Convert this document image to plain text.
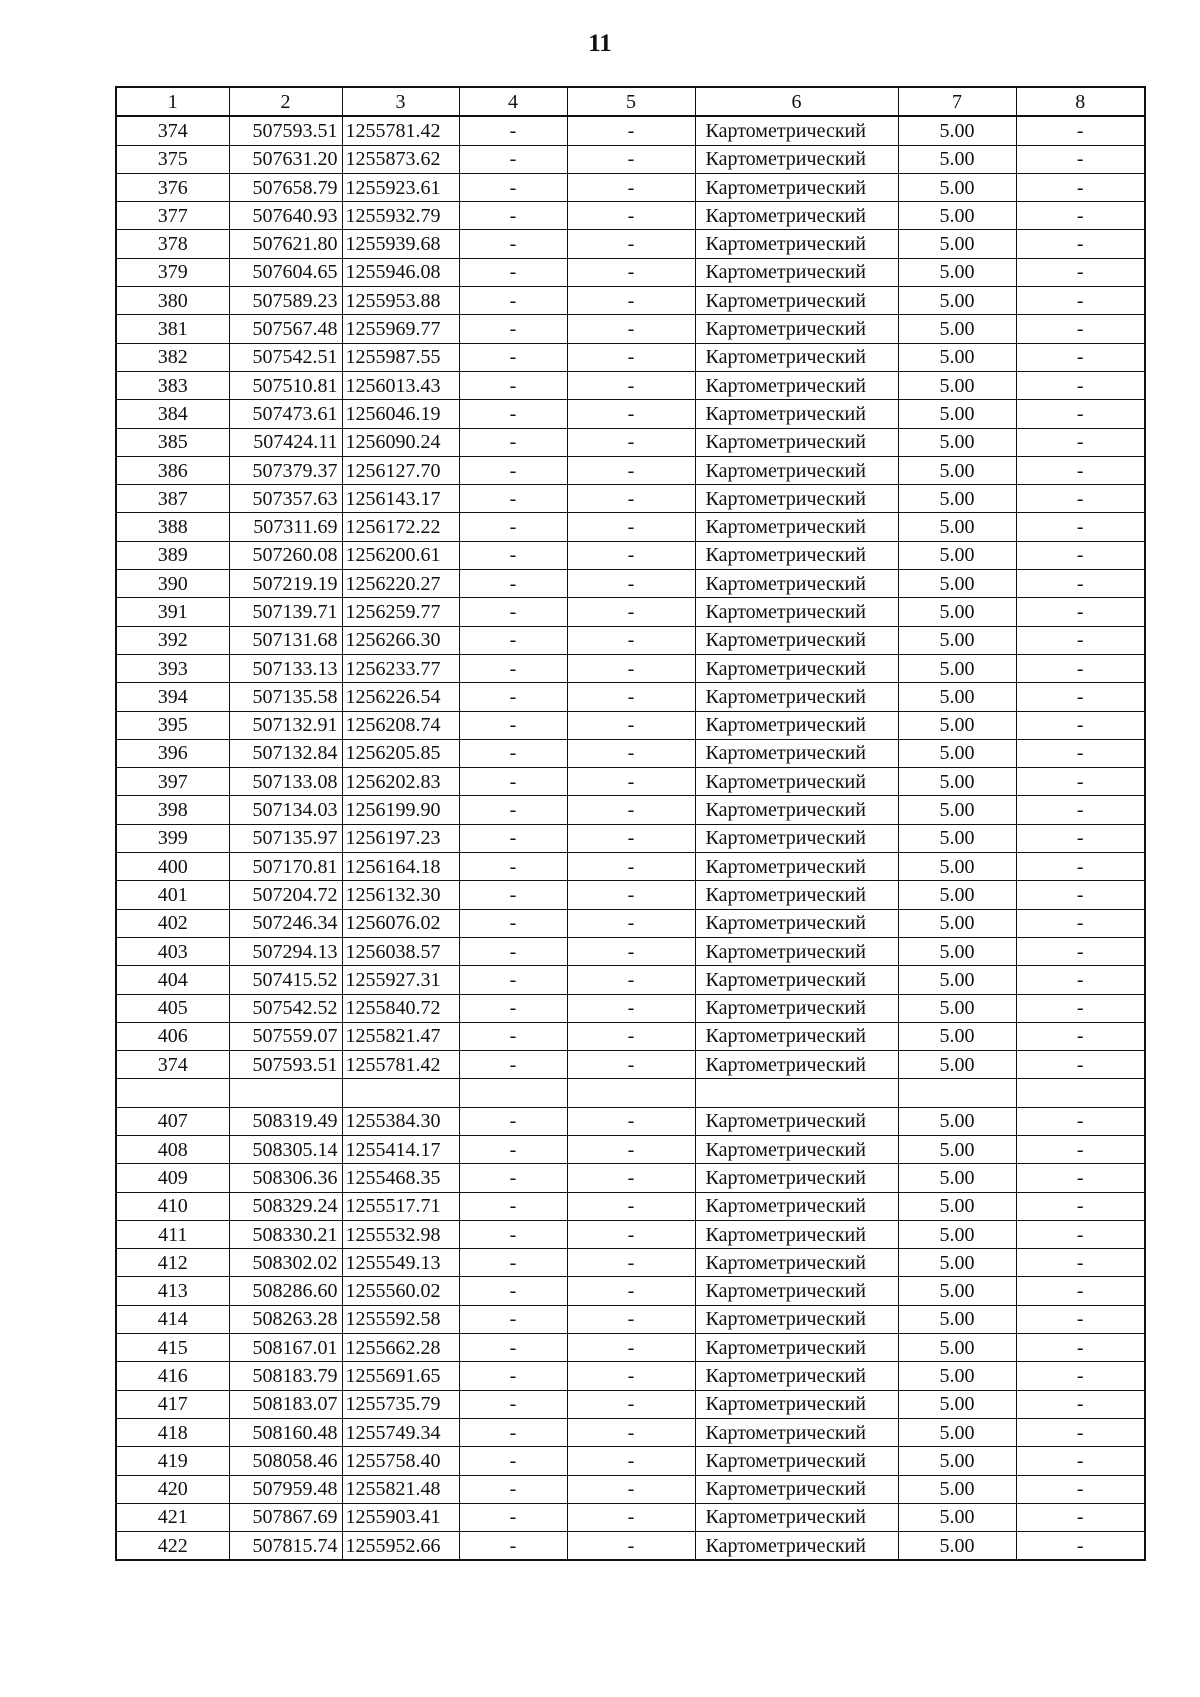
11
1	2	3	4	5	6	7	8
374	507593.51	1255781.42	-	-	Картометрический	5.00	-
375	507631.20	1255873.62	-	-	Картометрический	5.00	-
376	507658.79	1255923.61	-	-	Картометрический	5.00	-
377	507640.93	1255932.79	-	-	Картометрический	5.00	-
378	507621.80	1255939.68	-	-	Картометрический	5.00	-
379	507604.65	1255946.08	-	-	Картометрический	5.00	-
380	507589.23	1255953.88	-	-	Картометрический	5.00	-
381	507567.48	1255969.77	-	-	Картометрический	5.00	-
382	507542.51	1255987.55	-	-	Картометрический	5.00	-
383	507510.81	1256013.43	-	-	Картометрический	5.00	-
384	507473.61	1256046.19	-	-	Картометрический	5.00	-
385	507424.11	1256090.24	-	-	Картометрический	5.00	-
386	507379.37	1256127.70	-	-	Картометрический	5.00	-
387	507357.63	1256143.17	-	-	Картометрический	5.00	-
388	507311.69	1256172.22	-	-	Картометрический	5.00	-
389	507260.08	1256200.61	-	-	Картометрический	5.00	-
390	507219.19	1256220.27	-	-	Картометрический	5.00	-
391	507139.71	1256259.77	-	-	Картометрический	5.00	-
392	507131.68	1256266.30	-	-	Картометрический	5.00	-
393	507133.13	1256233.77	-	-	Картометрический	5.00	-
394	507135.58	1256226.54	-	-	Картометрический	5.00	-
395	507132.91	1256208.74	-	-	Картометрический	5.00	-
396	507132.84	1256205.85	-	-	Картометрический	5.00	-
397	507133.08	1256202.83	-	-	Картометрический	5.00	-
398	507134.03	1256199.90	-	-	Картометрический	5.00	-
399	507135.97	1256197.23	-	-	Картометрический	5.00	-
400	507170.81	1256164.18	-	-	Картометрический	5.00	-
401	507204.72	1256132.30	-	-	Картометрический	5.00	-
402	507246.34	1256076.02	-	-	Картометрический	5.00	-
403	507294.13	1256038.57	-	-	Картометрический	5.00	-
404	507415.52	1255927.31	-	-	Картометрический	5.00	-
405	507542.52	1255840.72	-	-	Картометрический	5.00	-
406	507559.07	1255821.47	-	-	Картометрический	5.00	-
374	507593.51	1255781.42	-	-	Картометрический	5.00	-

407	508319.49	1255384.30	-	-	Картометрический	5.00	-
408	508305.14	1255414.17	-	-	Картометрический	5.00	-
409	508306.36	1255468.35	-	-	Картометрический	5.00	-
410	508329.24	1255517.71	-	-	Картометрический	5.00	-
411	508330.21	1255532.98	-	-	Картометрический	5.00	-
412	508302.02	1255549.13	-	-	Картометрический	5.00	-
413	508286.60	1255560.02	-	-	Картометрический	5.00	-
414	508263.28	1255592.58	-	-	Картометрический	5.00	-
415	508167.01	1255662.28	-	-	Картометрический	5.00	-
416	508183.79	1255691.65	-	-	Картометрический	5.00	-
417	508183.07	1255735.79	-	-	Картометрический	5.00	-
418	508160.48	1255749.34	-	-	Картометрический	5.00	-
419	508058.46	1255758.40	-	-	Картометрический	5.00	-
420	507959.48	1255821.48	-	-	Картометрический	5.00	-
421	507867.69	1255903.41	-	-	Картометрический	5.00	-
422	507815.74	1255952.66	-	-	Картометрический	5.00	-
